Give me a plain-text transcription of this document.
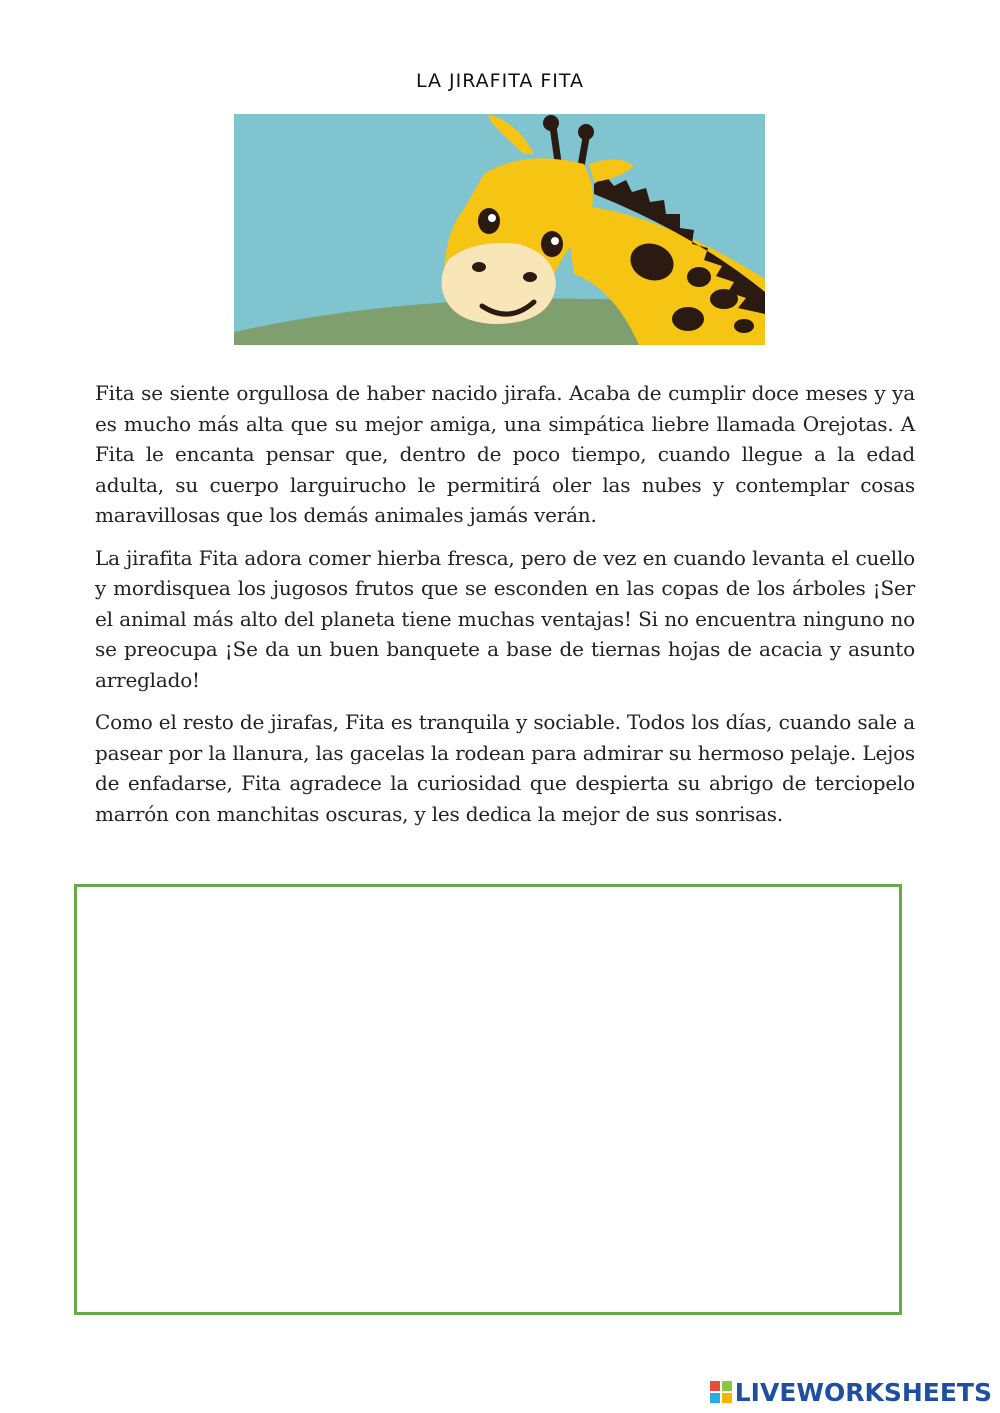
LA JIRAFITA FITA

Fita se siente orgullosa de haber nacido jirafa. Acaba de cumplir doce meses y ya es mucho más alta que su mejor amiga, una simpática liebre llamada Orejotas. A Fita le encanta pensar que, dentro de poco tiempo, cuando llegue a la edad adulta, su cuerpo larguirucho le permitirá oler las nubes y contemplar cosas maravillosas que los demás animales jamás verán.

La jirafita Fita adora comer hierba fresca, pero de vez en cuando levanta el cuello y mordisquea los jugosos frutos que se esconden en las copas de los árboles ¡Ser el animal más alto del planeta tiene muchas ventajas! Si no encuentra ninguno no se preocupa ¡Se da un buen banquete a base de tiernas hojas de acacia y asunto arreglado!

Como el resto de jirafas, Fita es tranquila y sociable. Todos los días, cuando sale a pasear por la llanura, las gacelas la rodean para admirar su hermoso pelaje. Lejos de enfadarse, Fita agradece la curiosidad que despierta su abrigo de terciopelo marrón con manchitas oscuras, y les dedica la mejor de sus sonrisas.

LIVEWORKSHEETS
